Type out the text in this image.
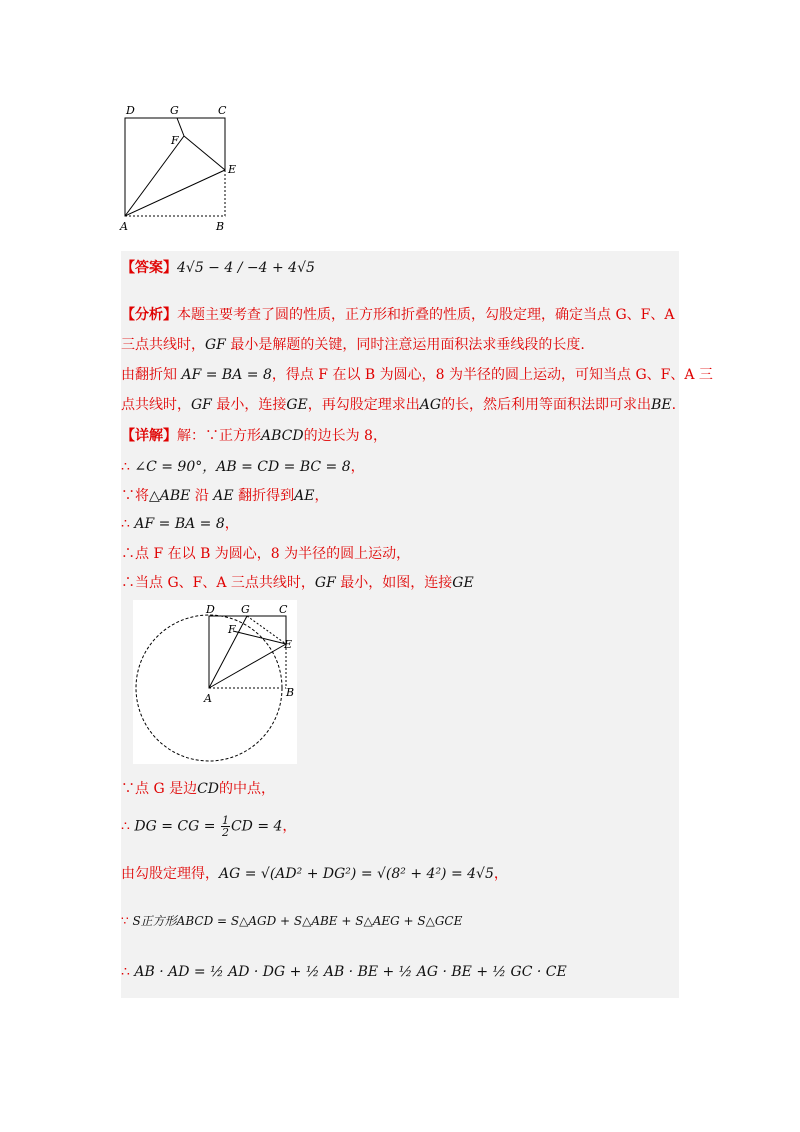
D	G	C
F
E
A	B
【答案】4√5 − 4 / −4 + 4√5
【分析】本题主要考查了圆的性质，正方形和折叠的性质，勾股定理，确定当点 G、F、A
三点共线时，GF 最小是解题的关键，同时注意运用面积法求垂线段的长度.
由翻折知 AF = BA = 8，得点 F 在以 B 为圆心，8 为半径的圆上运动，可知当点 G、F、A 三
点共线时，GF 最小，连接GE，再勾股定理求出AG的长，然后利用等面积法即可求出BE.
【详解】解：∵正方形ABCD的边长为 8，
∴ ∠C = 90°，AB = CD = BC = 8，
∵将△ABE 沿 AE 翻折得到AE，
∴ AF = BA = 8，
∴点 F 在以 B 为圆心，8 为半径的圆上运动，
∴当点 G、F、A 三点共线时，GF 最小，如图，连接GE
D G	C
F
E
A	B
∵点 G 是边CD的中点，
∴ DG = CG = $\frac{1}{2}$ CD = 4，
由勾股定理得，AG = √(AD² + DG²) = √(8² + 4²) = 4√5，
∵ S正方形ABCD = S△AGD + S△ABE + S△AEG + S△GCE
∴ AB · AD = ½ AD · DG + ½ AB · BE + ½ AG · BE + ½ GC · CE
